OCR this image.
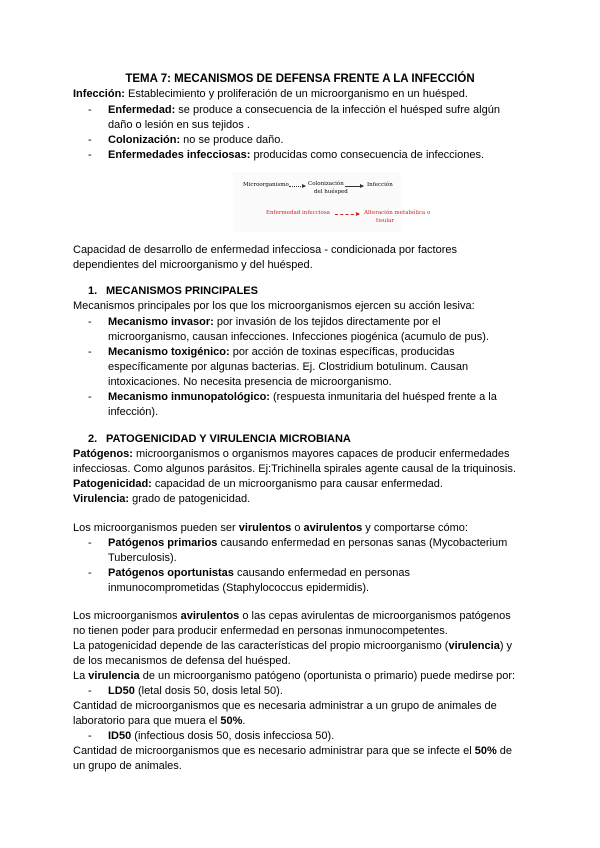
TEMA 7: MECANISMOS DE DEFENSA FRENTE A LA INFECCIÓN
Infección: Establecimiento y proliferación de un microorganismo en un huésped.
- Enfermedad: se produce a consecuencia de la infección el huésped sufre algún
daño o lesión en sus tejidos .
- Colonización: no se produce daño.
- Enfermedades infecciosas: producidas como consecuencia de infecciones.
Microorganismo	Colonización
del huésped
Infección
Enfermedad infecciosa	Alteración metabólica o
tisular
Capacidad de desarrollo de enfermedad infecciosa - condicionada por factores
dependientes del microorganismo y del huésped.
1. MECANISMOS PRINCIPALES
Mecanismos principales por los que los microorganismos ejercen su acción lesiva:
- Mecanismo invasor: por invasión de los tejidos directamente por el
microorganismo, causan infecciones. Infecciones piogénica (acumulo de pus).
- Mecanismo toxigénico: por acción de toxinas específicas, producidas
específicamente por algunas bacterias. Ej. Clostridium botulinum. Causan
intoxicaciones. No necesita presencia de microorganismo.
- Mecanismo inmunopatológico: (respuesta inmunitaria del huésped frente a la
infección).
2. PATOGENICIDAD Y VIRULENCIA MICROBIANA
Patógenos: microorganismos o organismos mayores capaces de producir enfermedades
infecciosas. Como algunos parásitos. Ej:Trichinella spirales agente causal de la triquinosis.
Patogenicidad: capacidad de un microorganismo para causar enfermedad.
Virulencia: grado de patogenicidad.
Los microorganismos pueden ser virulentos o avirulentos y comportarse cómo:
- Patógenos primarios causando enfermedad en personas sanas (Mycobacterium
Tuberculosis).
- Patógenos oportunistas causando enfermedad en personas
inmunocomprometidas (Staphylococcus epidermidis).
Los microorganismos avirulentos o las cepas avirulentas de microorganismos patógenos
no tienen poder para producir enfermedad en personas inmunocompetentes.
La patogenicidad depende de las características del propio microorganismo (virulencia) y
de los mecanismos de defensa del huésped.
La virulencia de un microorganismo patógeno (oportunista o primario) puede medirse por:
- LD50 (letal dosis 50, dosis letal 50).
Cantidad de microorganismos que es necesaria administrar a un grupo de animales de
laboratorio para que muera el 50%.
- ID50 (infectious dosis 50, dosis infecciosa 50).
Cantidad de microorganismos que es necesario administrar para que se infecte el 50% de
un grupo de animales.
